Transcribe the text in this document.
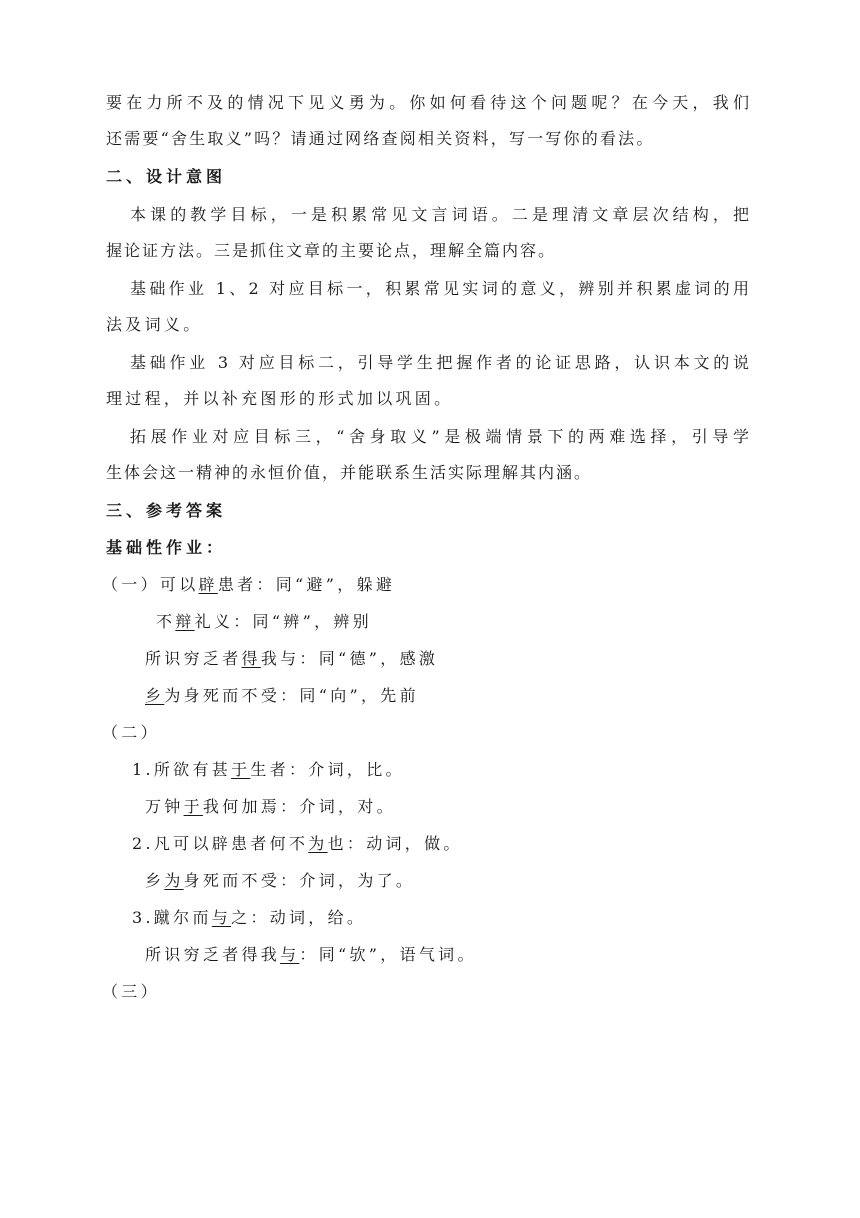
要在力所不及的情况下见义勇为。你如何看待这个问题呢？在今天，我们
还需要“舍生取义”吗？请通过网络查阅相关资料，写一写你的看法。
二、设计意图
本课的教学目标，一是积累常见文言词语。二是理清文章层次结构，把
握论证方法。三是抓住文章的主要论点，理解全篇内容。
基础作业 1、2 对应目标一，积累常见实词的意义，辨别并积累虚词的用
法及词义。
基础作业 3 对应目标二，引导学生把握作者的论证思路，认识本文的说
理过程，并以补充图形的形式加以巩固。
拓展作业对应目标三，“舍身取义”是极端情景下的两难选择，引导学
生体会这一精神的永恒价值，并能联系生活实际理解其内涵。
三、参考答案
基础性作业：
（一）可以辟患者：同“避”，躲避
不辩礼义：同“辨”，辨别
所识穷乏者得我与：同“德”，感激
乡为身死而不受：同“向”，先前
（二）
1.所欲有甚于生者：介词，比。
万钟于我何加焉：介词，对。
2.凡可以辟患者何不为也：动词，做。
乡为身死而不受：介词，为了。
3.蹴尔而与之：动词，给。
所识穷乏者得我与：同“欤”，语气词。
（三）
